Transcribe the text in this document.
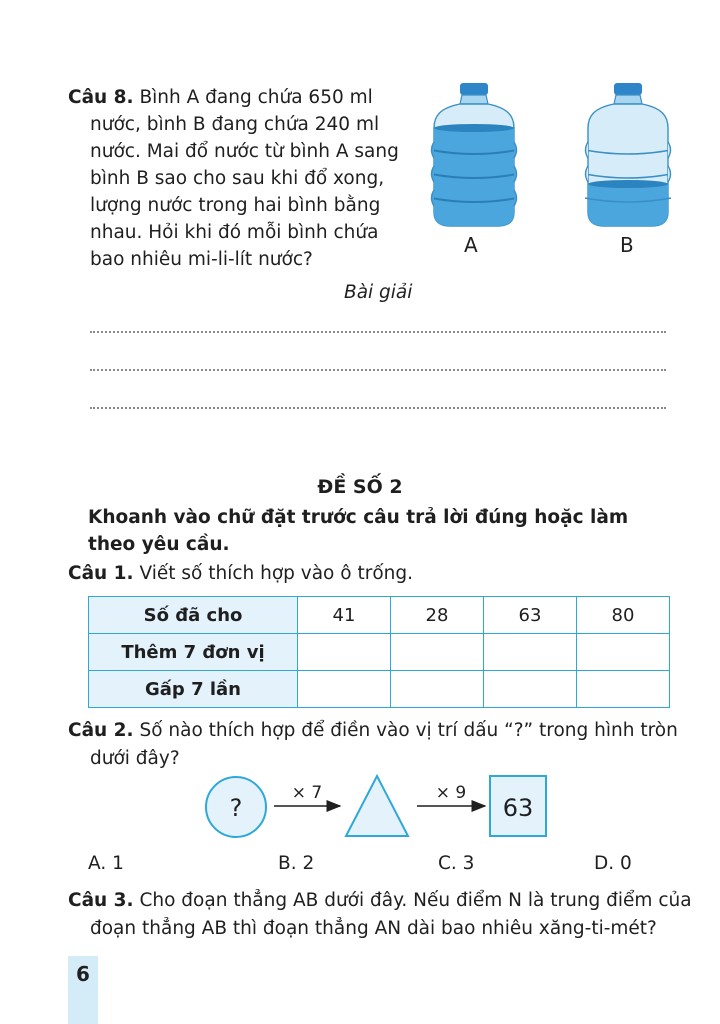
Câu 8. Bình A đang chứa 650 ml
nước, bình B đang chứa 240 ml
nước. Mai đổ nước từ bình A sang
bình B sao cho sau khi đổ xong,
lượng nước trong hai bình bằng
nhau. Hỏi khi đó mỗi bình chứa
bao nhiêu mi-li-lít nước?
A	B
Bài giải
ĐỀ SỐ 2
Khoanh vào chữ đặt trước câu trả lời đúng hoặc làm theo yêu cầu.
Câu 1. Viết số thích hợp vào ô trống.
Số đã cho	41	28	63	80
Thêm 7 đơn vị				
Gấp 7 lần				
Câu 2. Số nào thích hợp để điền vào vị trí dấu “?” trong hình tròn
dưới đây?
?
× 7	× 9
63
A. 1	B. 2	C. 3	D. 0
Câu 3. Cho đoạn thẳng AB dưới đây. Nếu điểm N là trung điểm của
đoạn thẳng AB thì đoạn thẳng AN dài bao nhiêu xăng-ti-mét?
6
